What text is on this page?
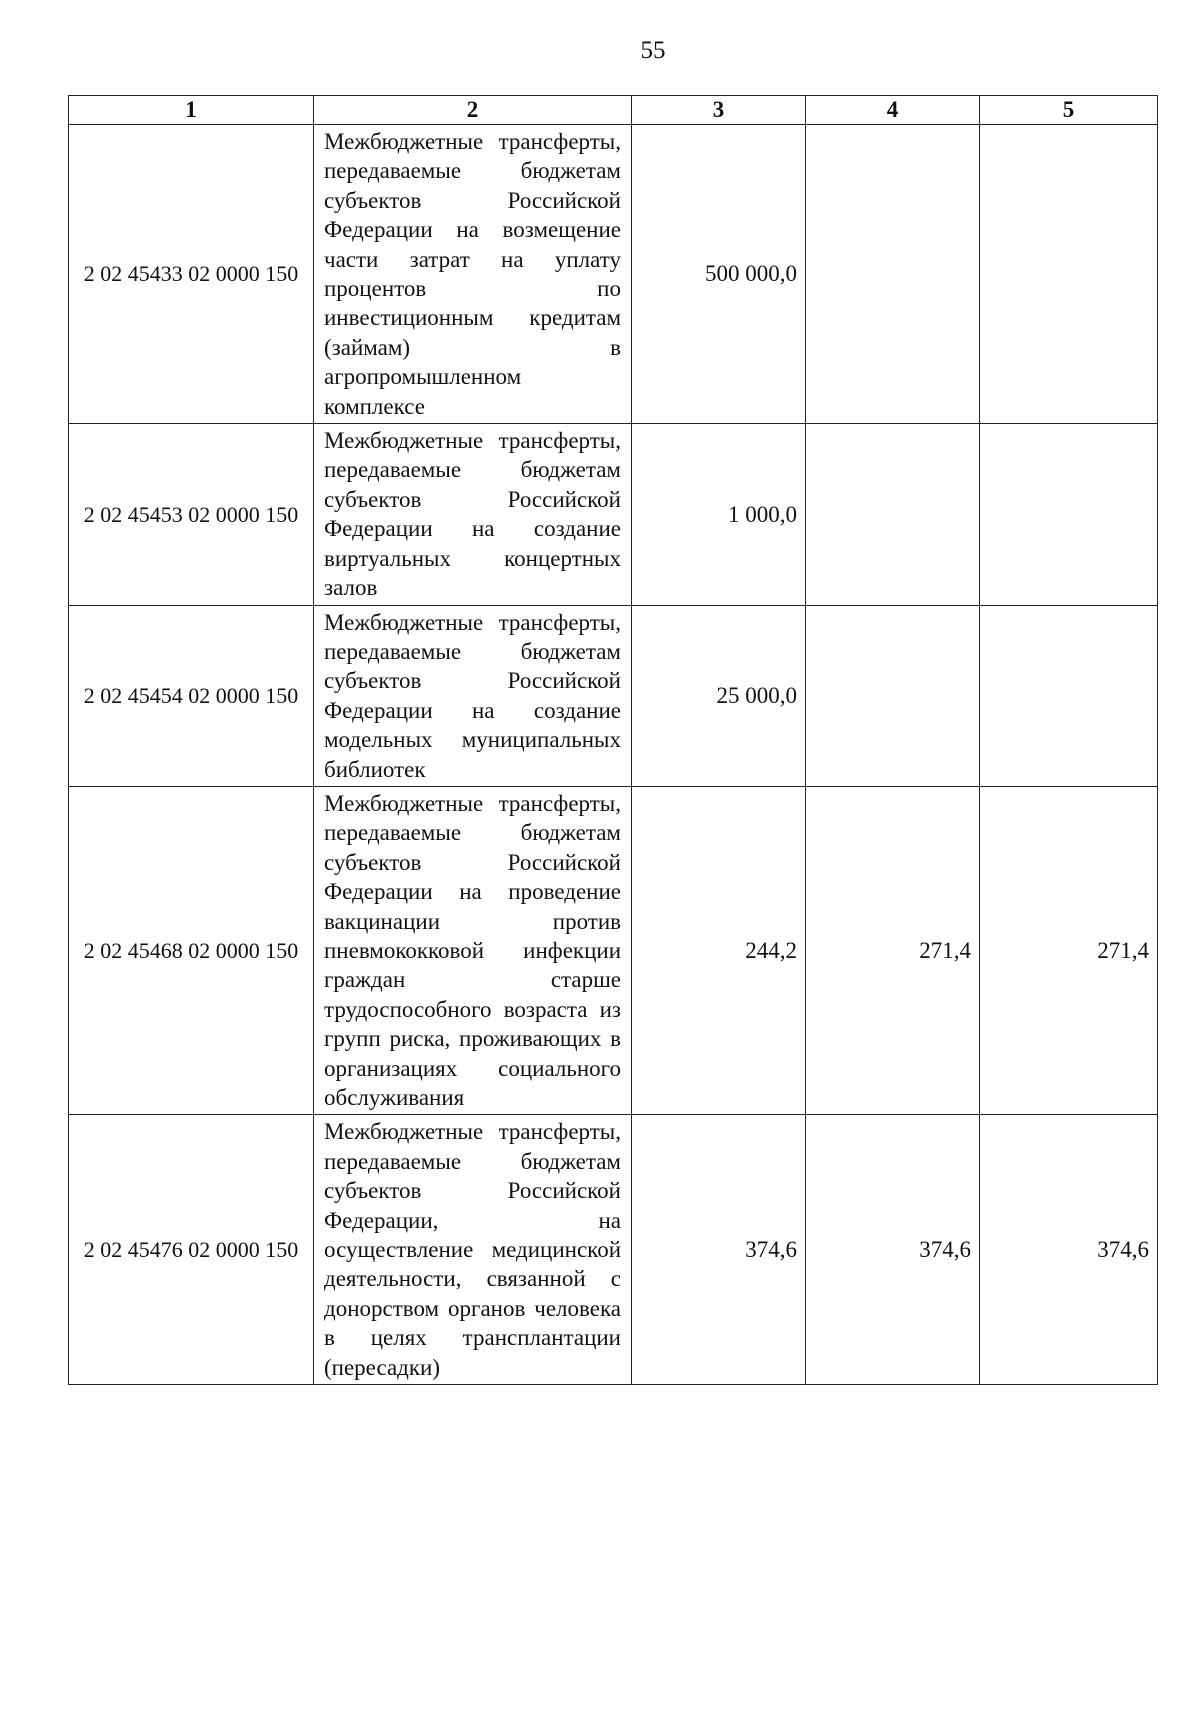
55
1	2	3	4	5
2 02 45433 02 0000 150	Межбюджетные трансферты, передаваемые бюджетам субъектов Российской Федерации на возмещение части затрат на уплату процентов по инвестиционным кредитам (займам) в агропромышленном комплексе	500 000,0		
2 02 45453 02 0000 150	Межбюджетные трансферты, передаваемые бюджетам субъектов Российской Федерации на создание виртуальных концертных залов	1 000,0		
2 02 45454 02 0000 150	Межбюджетные трансферты, передаваемые бюджетам субъектов Российской Федерации на создание модельных муниципальных библиотек	25 000,0		
2 02 45468 02 0000 150	Межбюджетные трансферты, передаваемые бюджетам субъектов Российской Федерации на проведение вакцинации против пневмококковой инфекции граждан старше трудоспособного возраста из групп риска, проживающих в организациях социального обслуживания	244,2	271,4	271,4
2 02 45476 02 0000 150	Межбюджетные трансферты, передаваемые бюджетам субъектов Российской Федерации, на осуществление медицинской деятельности, связанной с донорством органов человека в целях трансплантации (пересадки)	374,6	374,6	374,6
